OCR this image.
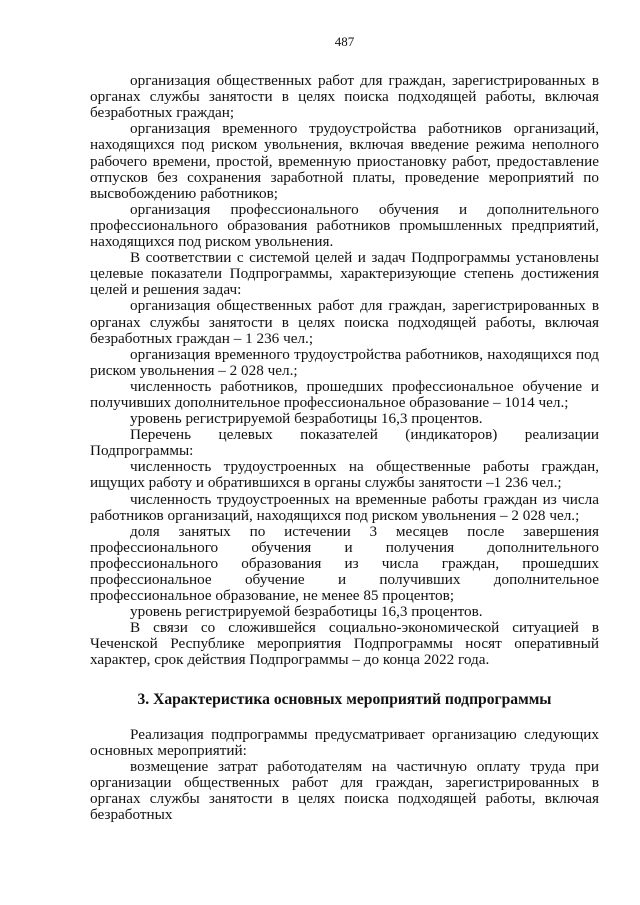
487

организация общественных работ для граждан, зарегистрированных в органах службы занятости в целях поиска подходящей работы, включая безработных граждан;

организация временного трудоустройства работников организаций, находящихся под риском увольнения, включая введение режима неполного рабочего времени, простой, временную приостановку работ, предоставление отпусков без сохранения заработной платы, проведение мероприятий по высвобождению работников;

организация профессионального обучения и дополнительного профессионального образования работников промышленных предприятий, находящихся под риском увольнения.

В соответствии с системой целей и задач Подпрограммы установлены целевые показатели Подпрограммы, характеризующие степень достижения целей и решения задач:

организация общественных работ для граждан, зарегистрированных в органах службы занятости в целях поиска подходящей работы, включая безработных граждан – 1 236 чел.;

организация временного трудоустройства работников, находящихся под риском увольнения – 2 028 чел.;

численность работников, прошедших профессиональное обучение и получивших дополнительное профессиональное образование – 1014 чел.;

уровень регистрируемой безработицы 16,3 процентов.

Перечень целевых показателей (индикаторов) реализации Подпрограммы:

численность трудоустроенных на общественные работы граждан, ищущих работу и обратившихся в органы службы занятости –1 236 чел.;

численность трудоустроенных на временные работы граждан из числа работников организаций, находящихся под риском увольнения – 2 028 чел.;

доля занятых по истечении 3 месяцев после завершения профессионального обучения и получения дополнительного профессионального образования из числа граждан, прошедших профессиональное обучение и получивших дополнительное профессиональное образование, не менее 85 процентов;

уровень регистрируемой безработицы 16,3 процентов.

В связи со сложившейся социально-экономической ситуацией в Чеченской Республике мероприятия Подпрограммы носят оперативный характер, срок действия Подпрограммы – до конца 2022 года.

3. Характеристика основных мероприятий подпрограммы

Реализация подпрограммы предусматривает организацию следующих основных мероприятий:

возмещение затрат работодателям на частичную оплату труда при организации общественных работ для граждан, зарегистрированных в органах службы занятости в целях поиска подходящей работы, включая безработных
